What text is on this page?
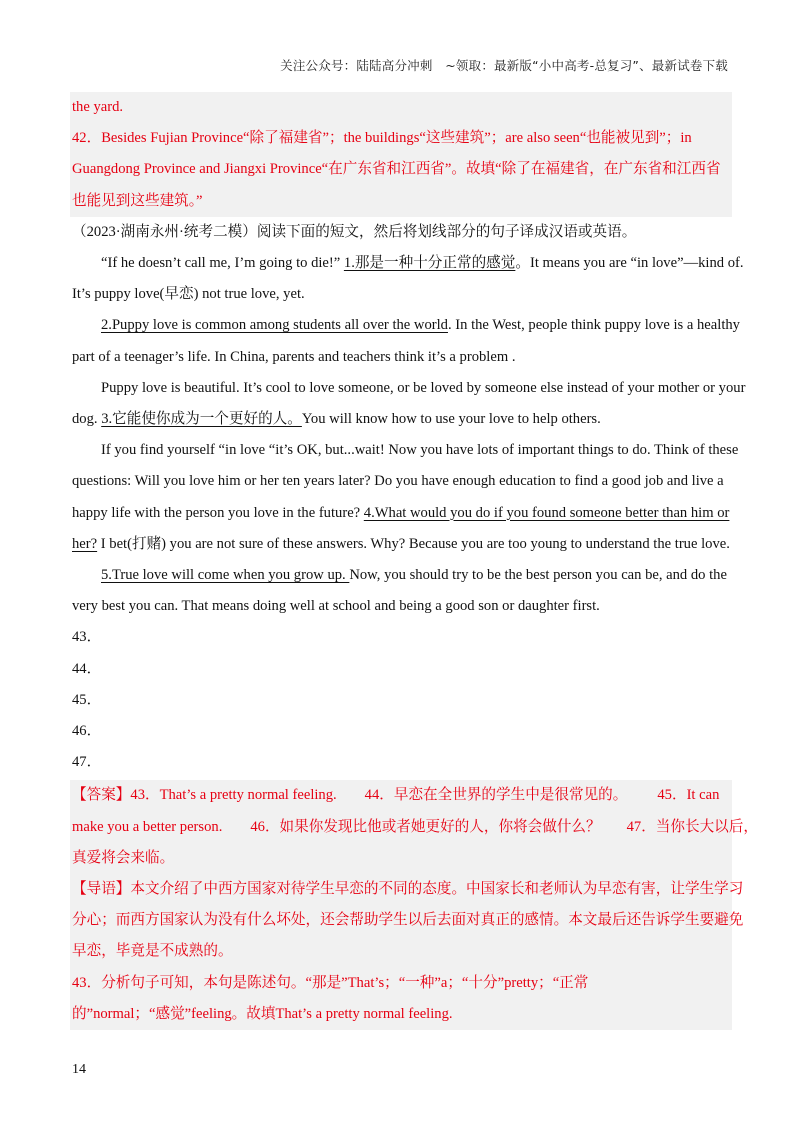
关注公众号：陆陆高分冲刺　~领取：最新版“小中高考-总复习”、最新试卷下载
the yard.
42．Besides Fujian Province“除了福建省”；the buildings“这些建筑”；are also seen“也能被见到”；in
Guangdong Province and Jiangxi Province“在广东省和江西省”。故填“除了在福建省，在广东省和江西省
也能见到这些建筑。”
（2023·湖南永州·统考二模）阅读下面的短文，然后将划线部分的句子译成汉语或英语。
“If he doesn’t call me, I’m going to die!” 1.那是一种十分正常的感觉。It means you are “in love”—kind of.
It’s puppy love(早恋) not true love, yet.
2.Puppy love is common among students all over the world. In the West, people think puppy love is a healthy
part of a teenager’s life. In China, parents and teachers think it’s a problem .
Puppy love is beautiful. It’s cool to love someone, or be loved by someone else instead of your mother or your
dog. 3.它能使你成为一个更好的人。You will know how to use your love to help others.
If you find yourself “in love “it’s OK, but...wait! Now you have lots of important things to do. Think of these
questions: Will you love him or her ten years later? Do you have enough education to find a good job and live a
happy life with the person you love in the future? 4.What would you do if you found someone better than him or
her? I bet(打赌) you are not sure of these answers. Why? Because you are too young to understand the true love.
5.True love will come when you grow up. Now, you should try to be the best person you can be, and do the
very best you can. That means doing well at school and being a good son or daughter first.
43．
44．
45．
46．
47．
【答案】43．That’s a pretty normal feeling. 44．早恋在全世界的学生中是很常见的。 45．It can
make you a better person. 46．如果你发现比他或者她更好的人，你将会做什么？ 47．当你长大以后，
真爱将会来临。
【导语】本文介绍了中西方国家对待学生早恋的不同的态度。中国家长和老师认为早恋有害，让学生学习
分心；而西方国家认为没有什么坏处，还会帮助学生以后去面对真正的感情。本文最后还告诉学生要避免
早恋，毕竟是不成熟的。
43．分析句子可知，本句是陈述句。“那是”That’s；“一种”a；“十分”pretty；“正常
的”normal；“感觉”feeling。故填That’s a pretty normal feeling.
14
